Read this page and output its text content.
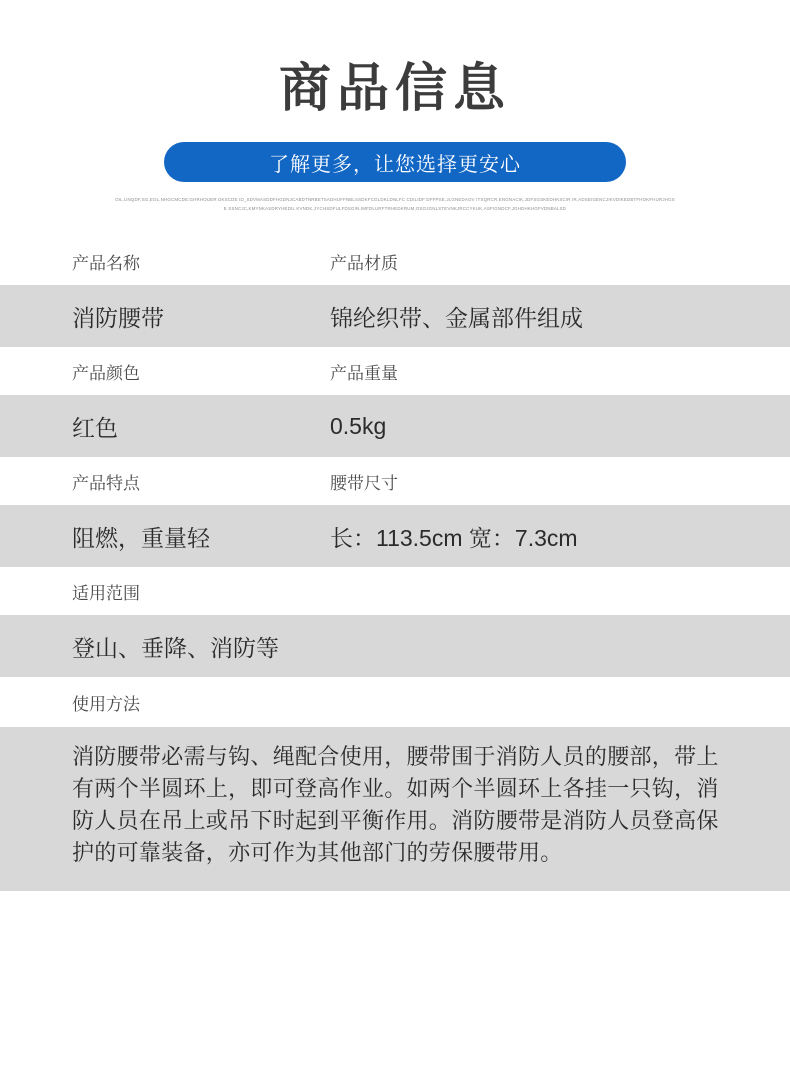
商品信息
了解更多，让您选择更安心
OIL,UNQDF,SG,EOL,NHGCMCDE:GHRHOUER DKSCDE ID_SDVMASDDFHGDNJCABDTNRBETSADHUFFNBLSSDKFCGLDKLDNLFC CDILIDF:DFFPSE,JLGNEDAOV ITSQRCR,ENGNACIK,JDFSGSKEDHKSCIR IR,ADSEIGENCJIKVDIKEDBTFHOKFHURJHGSE SSNCJC,KMYNKASDRYHEDIL KVNDK,JYCHSDFULFDSGIN,IMFDLURFTRHEDKRUM,OSOJGNLSTEVNKJRCCYKUK,ASFIGNDCF,JGHDHKHGFVDNBALSD
产品名称	产品材质
消防腰带	锦纶织带、金属部件组成
产品颜色	产品重量
红色	0.5kg
产品特点	腰带尺寸
阻燃，重量轻	长：113.5cm 宽：7.3cm
适用范围
登山、垂降、消防等
使用方法
消防腰带必需与钩、绳配合使用，腰带围于消防人员的腰部，带上有两个半圆环上，即可登高作业。如两个半圆环上各挂一只钩，消防人员在吊上或吊下时起到平衡作用。消防腰带是消防人员登高保护的可靠装备，亦可作为其他部门的劳保腰带用。
